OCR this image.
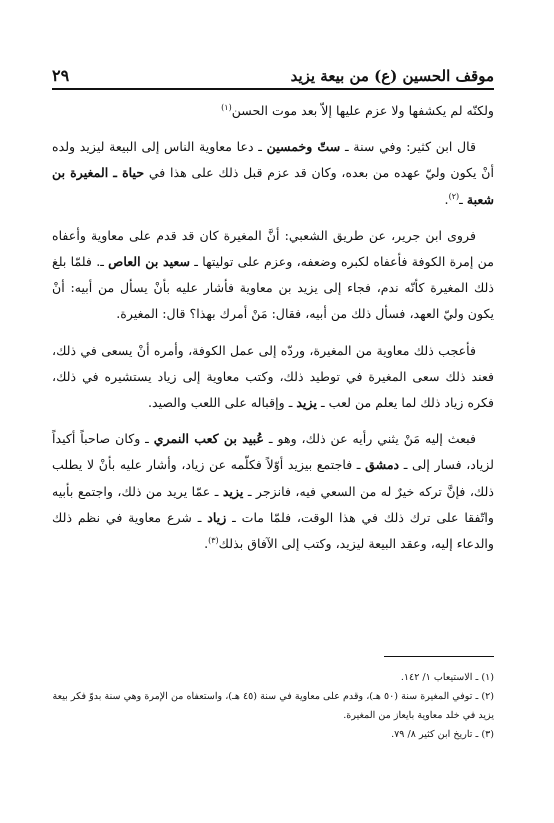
موقف الحسين (ع) من بيعة يزيد
٢٩

ولكنّه لم يكشفها ولا عزم عليها إلاّ بعد موت الحسن$^{(١)}$

قال ابن كثير: وفي سنة ـ ستّ وخمسين ـ دعا معاوية الناس إلى البيعة ليزيد ولده أنْ يكون وليّ عهده من بعده، وكان قد عزم قبل ذلك على هذا في حياة ـ المغيرة بن شعبة ـ$^{(٢)}$.

فروى ابن جرير، عن طريق الشعبي: أنَّ المغيرة كان قد قدم على معاوية وأعفاه من إمرة الكوفة فأعفاه لكبره وضعفه، وعزم على توليتها ـ سعيد بن العاص ـ. فلمّا بلغ ذلك المغيرة كأنّه ندم، فجاء إلى يزيد بن معاوية فأشار عليه بأنْ يسأل من أبيه: أنْ يكون وليّ العهد، فسأل ذلك من أبيه، فقال: مَنْ أمرك بهذا؟ قال: المغيرة.

فأعجب ذلك معاوية من المغيرة، وردّه إلى عمل الكوفة، وأمره أنْ يسعى في ذلك، فعند ذلك سعى المغيرة في توطيد ذلك، وكتب معاوية إلى زياد يستشيره في ذلك، فكره زياد ذلك لما يعلم من لعب ـ يزيد ـ وإقباله على اللعب والصيد.

فبعث إليه مَنْ يثني رأيه عن ذلك، وهو ـ عُبيد بن كعب النمري ـ وكان صاحباً أكيداً لزياد، فسار إلى ـ دمشق ـ فاجتمع بيزيد أوّلاً فكلّمه عن زياد، وأشار عليه بأنْ لا يطلب ذلك، فإنَّ تركه خيرٌ له من السعي فيه، فانزجر ـ يزيد ـ عمّا يريد من ذلك، واجتمع بأبيه واتّفقا على ترك ذلك في هذا الوقت، فلمّا مات ـ زياد ـ شرع معاوية في نظم ذلك والدعاء إليه، وعقد البيعة ليزيد، وكتب إلى الآفاق بذلك$^{(٣)}$.

(١) ـ الاستيعاب ١/ ١٤٢.

(٢) ـ توفي المغيرة سنة (٥٠ هـ)، وقدم على معاوية في سنة (٤٥ هـ)، واستعفاه من الإمرة وهي سنة بدوّ فكر بيعة يزيد في خلد معاوية بايعاز من المغيرة.

(٣) ـ تاريخ ابن كثير ٨/ ٧٩.
